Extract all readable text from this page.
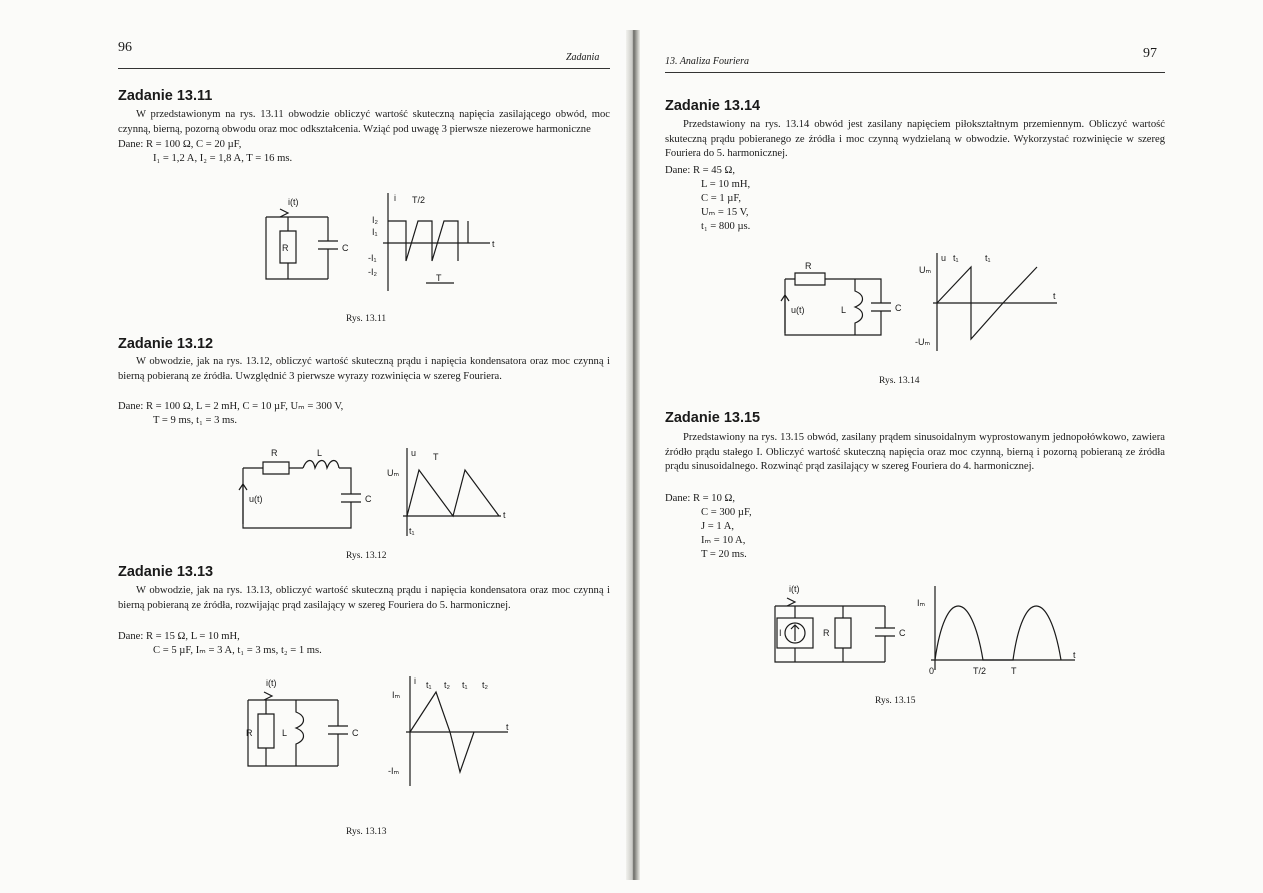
96
Zadania
Zadanie 13.11

W przedstawionym na rys. 13.11 obwodzie obliczyć wartość skuteczną napięcia zasilającego obwód, moc czynną, bierną, pozorną obwodu oraz moc odkształcenia. Wziąć pod uwagę 3 pierwsze niezerowe harmoniczne

Dane: R = 100 Ω, C = 20 µF,
I₁ = 1,2 A, I₂ = 1,8 A, T = 16 ms.
i(t)
R	C
i T/2
I₂
I₁
-I₁
-I₂
t
T
Rys. 13.11
Zadanie 13.12

W obwodzie, jak na rys. 13.12, obliczyć wartość skuteczną prądu i napięcia kondensatora oraz moc czynną i bierną pobieraną ze źródła. Uwzględnić 3 pierwsze wyrazy rozwinięcia w szereg Fouriera.

Dane: R = 100 Ω, L = 2 mH, C = 10 µF, Uₘ = 300 V,
T = 9 ms, t₁ = 3 ms.
R	L
C
u(t)
u
Uₘ
T
t₁
t
Rys. 13.12
Zadanie 13.13

W obwodzie, jak na rys. 13.13, obliczyć wartość skuteczną prądu i napięcia kondensatora oraz moc czynną i bierną pobieraną ze źródła, rozwijając prąd zasilający w szereg Fouriera do 5. harmonicznej.

Dane: R = 15 Ω, L = 10 mH,
C = 5 µF, Iₘ = 3 A, t₁ = 3 ms, t₂ = 1 ms.
i(t)
R	L	C
i
Iₘ
-Iₘ
t₁ t₂ t₁ t₂
t
Rys. 13.13
13. Analiza Fouriera
97
Zadanie 13.14

Przedstawiony na rys. 13.14 obwód jest zasilany napięciem piłokształtnym przemiennym. Obliczyć wartość skuteczną prądu pobieranego ze źródła i moc czynną wydzielaną w obwodzie. Wykorzystać rozwinięcie w szereg Fouriera do 5. harmonicznej.

Dane: R = 45 Ω,
L = 10 mH,
C = 1 µF,
Uₘ = 15 V,
t₁ = 800 µs.
R
u(t)	L	C
u
Uₘ
-Uₘ
t₁	t₁
t
Rys. 13.14
Zadanie 13.15

Przedstawiony na rys. 13.15 obwód, zasilany prądem sinusoidalnym wyprostowanym jednopołówkowo, zawiera źródło prądu stałego I. Obliczyć wartość skuteczną napięcia oraz moc czynną, bierną i pozorną pobieraną ze źródła prądu sinusoidalnego. Rozwinąć prąd zasilający w szereg Fouriera do 4. harmonicznej.

Dane: R = 10 Ω,
C = 300 µF,
J = 1 A,
Iₘ = 10 A,
T = 20 ms.
i(t)
I	R	C
Iₘ
0	T/2	T
t
Rys. 13.15
